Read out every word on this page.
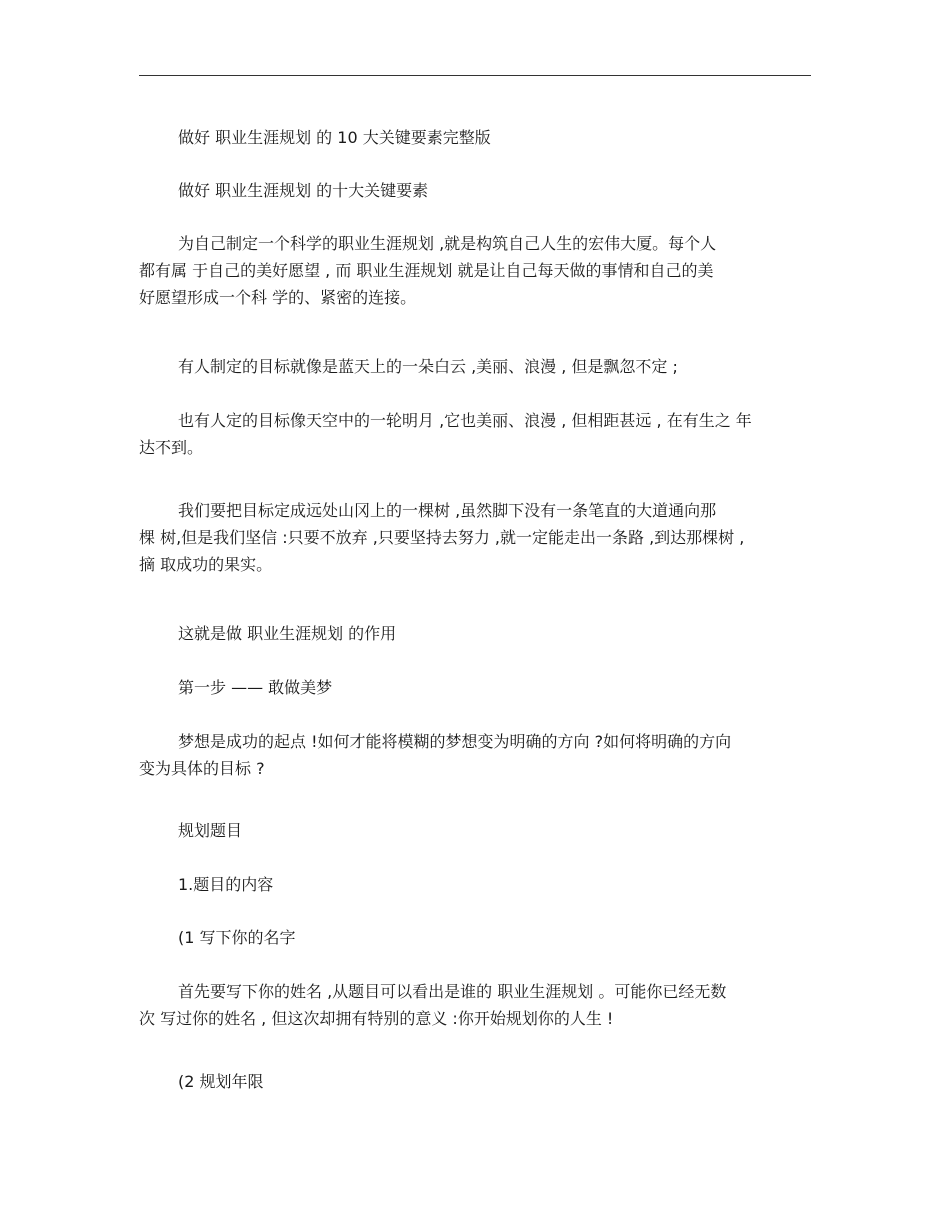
做好 职业生涯规划 的 10 大关键要素完整版
做好 职业生涯规划 的十大关键要素
为自己制定一个科学的职业生涯规划 ,就是构筑自己人生的宏伟大厦。每个人
都有属 于自己的美好愿望 , 而 职业生涯规划 就是让自己每天做的事情和自己的美
好愿望形成一个科 学的、紧密的连接。
有人制定的目标就像是蓝天上的一朵白云 ,美丽、浪漫 , 但是飘忽不定 ;
也有人定的目标像天空中的一轮明月 ,它也美丽、浪漫 , 但相距甚远 , 在有生之 年
达不到。
我们要把目标定成远处山冈上的一棵树 ,虽然脚下没有一条笔直的大道通向那
棵 树,但是我们坚信 :只要不放弃 ,只要坚持去努力 ,就一定能走出一条路 ,到达那棵树 ,
摘 取成功的果实。
这就是做 职业生涯规划 的作用
第一步 —— 敢做美梦
梦想是成功的起点 !如何才能将模糊的梦想变为明确的方向 ?如何将明确的方向
变为具体的目标 ?
规划题目
1.题目的内容
(1 写下你的名字
首先要写下你的姓名 ,从题目可以看出是谁的 职业生涯规划 。可能你已经无数
次 写过你的姓名 , 但这次却拥有特别的意义 :你开始规划你的人生 !
(2 规划年限
